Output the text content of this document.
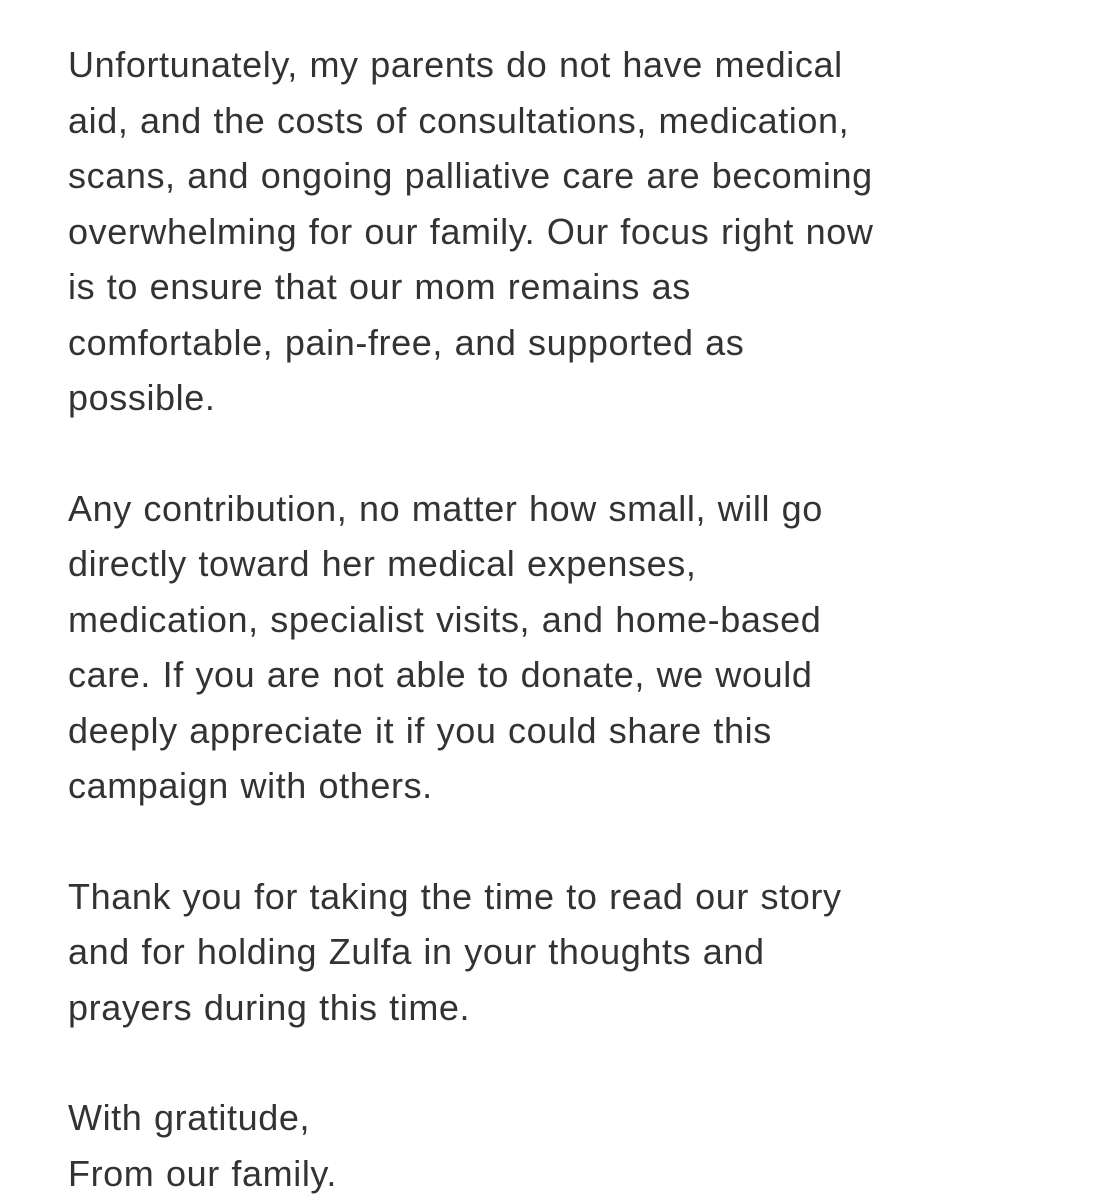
Unfortunately, my parents do not have medical
aid, and the costs of consultations, medication,
scans, and ongoing palliative care are becoming
overwhelming for our family. Our focus right now
is to ensure that our mom remains as
comfortable, pain-free, and supported as
possible.

Any contribution, no matter how small, will go
directly toward her medical expenses,
medication, specialist visits, and home-based
care. If you are not able to donate, we would
deeply appreciate it if you could share this
campaign with others.

Thank you for taking the time to read our story
and for holding Zulfa in your thoughts and
prayers during this time.

With gratitude,
From our family.
